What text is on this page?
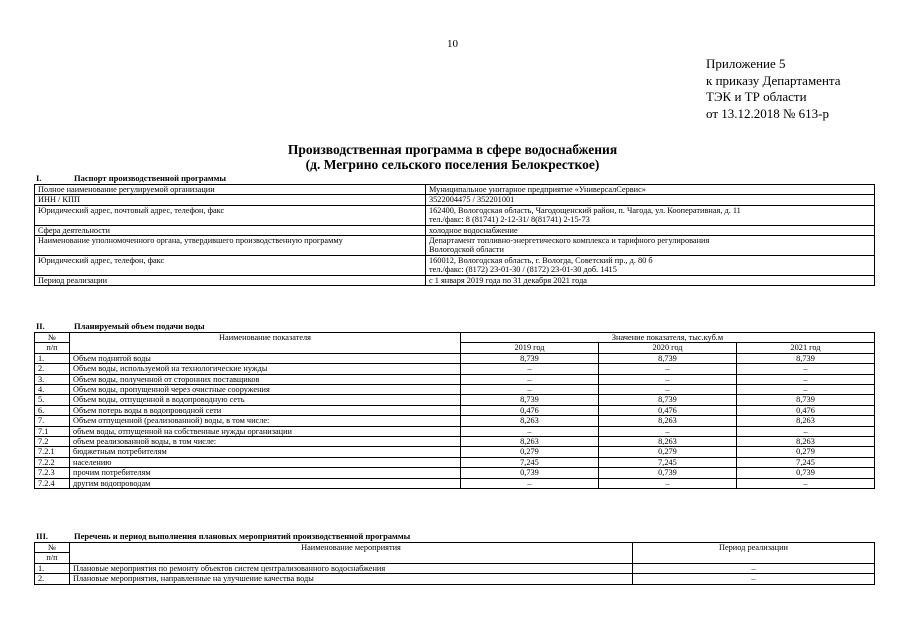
10
Приложение 5
к приказу Департамента
ТЭК и ТР области
от 13.12.2018 № 613-р
Производственная программа в сфере водоснабжения
(д. Мегрино сельского поселения Белокресткое)
I.	Паспорт производственной программы
Полное наименование регулируемой организации	Муниципальное унитарное предприятие «УниверсалСервис»

ИНН / КПП	3522004475 / 352201001

Юридический адрес, почтовый адрес, телефон, факс	162400, Вологодская область, Чагодощенский район, п. Чагода, ул. Кооперативная, д. 11
тел./факс: 8 (81741) 2-12-31/ 8(81741) 2-15-73

Сфера деятельности	холодное водоснабжение

Наименование уполномоченного органа, утвердившего производственную программу	Департамент топливно-энергетического комплекса и тарифного регулирования
Вологодской области

Юридический адрес, телефон, факс	160012, Вологодская область, г. Вологда, Советский пр., д. 80 б
тел./факс: (8172) 23-01-30 / (8172) 23-01-30 доб. 1415

Период реализации	с 1 января 2019 года по 31 декабря 2021 года
II.	Планируемый объем подачи воды
№	Наименование показателя	Значение показателя, тыс.куб.м		
п/п		2019 год	2020 год	2021 год
1.	Объем поднятой воды	8,739	8,739	8,739
2.	Объем воды, используемой на технологические нужды	–	–	–
3.	Объем воды, полученной от сторонних поставщиков	–	–	–
4.	Объем воды, пропущенной через очистные сооружения	–	–	–
5.	Объем воды, отпущенной в водопроводную сеть	8,739	8,739	8,739
6.	Объем потерь воды в водопроводной сети	0,476	0,476	0,476
7.	Объем отпущенной (реализованной) воды, в том числе:	8,263	8,263	8,263
7.1	объем воды, отпущенной на собственные нужды организации	–	–	–
7.2	объем реализованной воды, в том числе:	8,263	8,263	8,263
7.2.1	бюджетным потребителям	0,279	0,279	0,279
7.2.2	населению	7,245	7,245	7,245
7.2.3	прочим потребителям	0,739	0,739	0,739
7.2.4	другим водопроводам	–	–	–
III.	Перечень и период выполнения плановых мероприятий производственной программы
№	Наименование мероприятия	Период реализации
п/п		
1.	Плановые мероприятия по ремонту объектов систем централизованного водоснабжения	–
2.	Плановые мероприятия, направленные на улучшение качества воды	–
